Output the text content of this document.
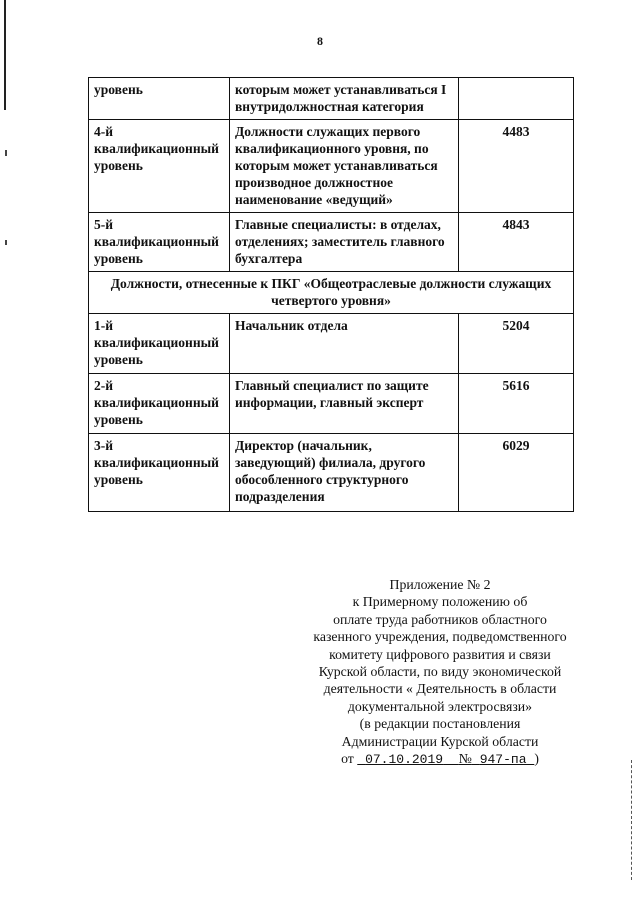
8
уровень	которым может устанавливаться I внутридолжностная категория	
4-й квалификационный уровень	Должности служащих первого квалификационного уровня, по которым может устанавливаться производное должностное наименование «ведущий»	4483
5-й квалификационный уровень	Главные специалисты: в отделах, отделениях; заместитель главного бухгалтера	4843
Должности, отнесенные к ПКГ «Общеотраслевые должности служащих четвертого уровня»		
1-й квалификационный уровень	Начальник отдела	5204
2-й квалификационный уровень	Главный специалист по защите информации, главный эксперт	5616
3-й квалификационный уровень	Директор (начальник, заведующий) филиала, другого обособленного структурного подразделения	6029
Приложение № 2
к Примерному положению об
оплате труда работников областного
казенного учреждения, подведомственного
комитету цифрового развития и связи
Курской области, по виду экономической
деятельности « Деятельность в области
документальной электросвязи»
(в редакции постановления
Администрации Курской области
от 07.10.2019 № 947-па )
